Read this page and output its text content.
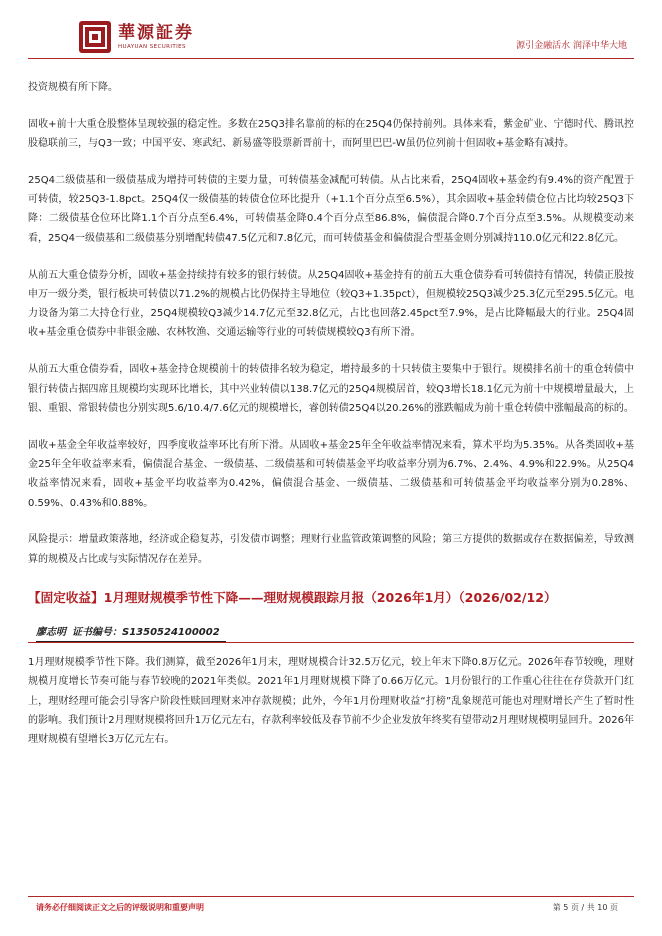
華源証券
HUAYUAN SECURITIES	源引金融活水 润泽中华大地

投资规模有所下降。

固收+前十大重仓股整体呈现较强的稳定性。多数在25Q3排名靠前的标的在25Q4仍保持前列。具体来看，紫金矿业、宁德时代、腾讯控股稳联前三，与Q3一致；中国平安、寒武纪、新易盛等股票新晋前十，而阿里巴巴-W虽仍位列前十但固收+基金略有减持。

25Q4二级债基和一级债基成为增持可转债的主要力量，可转债基金减配可转债。从占比来看，25Q4固收+基金约有9.4%的资产配置于可转债，较25Q3-1.8pct。25Q4仅一级债基的转债仓位环比提升（+1.1个百分点至6.5%），其余固收+基金转债仓位占比均较25Q3下降：二级债基仓位环比降1.1个百分点至6.4%，可转债基金降0.4个百分点至86.8%，偏债混合降0.7个百分点至3.5%。从规模变动来看，25Q4一级债基和二级债基分别增配转债47.5亿元和7.8亿元，而可转债基金和偏债混合型基金则分别减持110.0亿元和22.8亿元。

从前五大重仓债券分析，固收+基金持续持有较多的银行转债。从25Q4固收+基金持有的前五大重仓债券看可转债持有情况，转债正股按申万一级分类，银行板块可转债以71.2%的规模占比仍保持主导地位（较Q3+1.35pct），但规模较25Q3减少25.3亿元至295.5亿元。电力设备为第二大持仓行业，25Q4规模较Q3减少14.7亿元至32.8亿元，占比也回落2.45pct至7.9%，是占比降幅最大的行业。25Q4固收+基金重仓债券中非银金融、农林牧渔、交通运输等行业的可转债规模较Q3有所下滑。

从前五大重仓债券看，固收+基金持仓规模前十的转债排名较为稳定，增持最多的十只转债主要集中于银行。规模排名前十的重仓转债中银行转债占据四席且规模均实现环比增长，其中兴业转债以138.7亿元的25Q4规模居首，较Q3增长18.1亿元为前十中规模增量最大，上银、重银、常银转债也分别实现5.6/10.4/7.6亿元的规模增长，睿创转债25Q4以20.26%的涨跌幅成为前十重仓转债中涨幅最高的标的。

固收+基金全年收益率较好，四季度收益率环比有所下滑。从固收+基金25年全年收益率情况来看，算术平均为5.35%。从各类固收+基金25年全年收益率来看，偏债混合基金、一级债基、二级债基和可转债基金平均收益率分别为6.7%、2.4%、4.9%和22.9%。从25Q4收益率情况来看，固收+基金平均收益率为0.42%，偏债混合基金、一级债基、二级债基和可转债基金平均收益率分别为0.28%、0.59%、0.43%和0.88%。

风险提示：增量政策落地，经济或企稳复苏，引发债市调整；理财行业监管政策调整的风险；第三方提供的数据或存在数据偏差，导致测算的规模及占比或与实际情况存在差异。

【固定收益】1月理财规模季节性下降——理财规模跟踪月报（2026年1月）（2026/02/12）
廖志明 证书编号：S1350524100002

1月理财规模季节性下降。我们测算，截至2026年1月末，理财规模合计32.5万亿元，较上年末下降0.8万亿元。2026年春节较晚，理财规模月度增长节奏可能与春节较晚的2021年类似。2021年1月理财规模下降了0.66万亿元。1月份银行的工作重心往往在存贷款开门红上，理财经理可能会引导客户阶段性赎回理财来冲存款规模；此外，今年1月份理财收益“打榜”乱象规范可能也对理财增长产生了暂时性的影响。我们预计2月理财规模将回升1万亿元左右，存款利率较低及春节前不少企业发放年终奖有望带动2月理财规模明显回升。2026年理财规模有望增长3万亿元左右。

请务必仔细阅读正文之后的评级说明和重要声明	第 5 页 / 共 10 页
